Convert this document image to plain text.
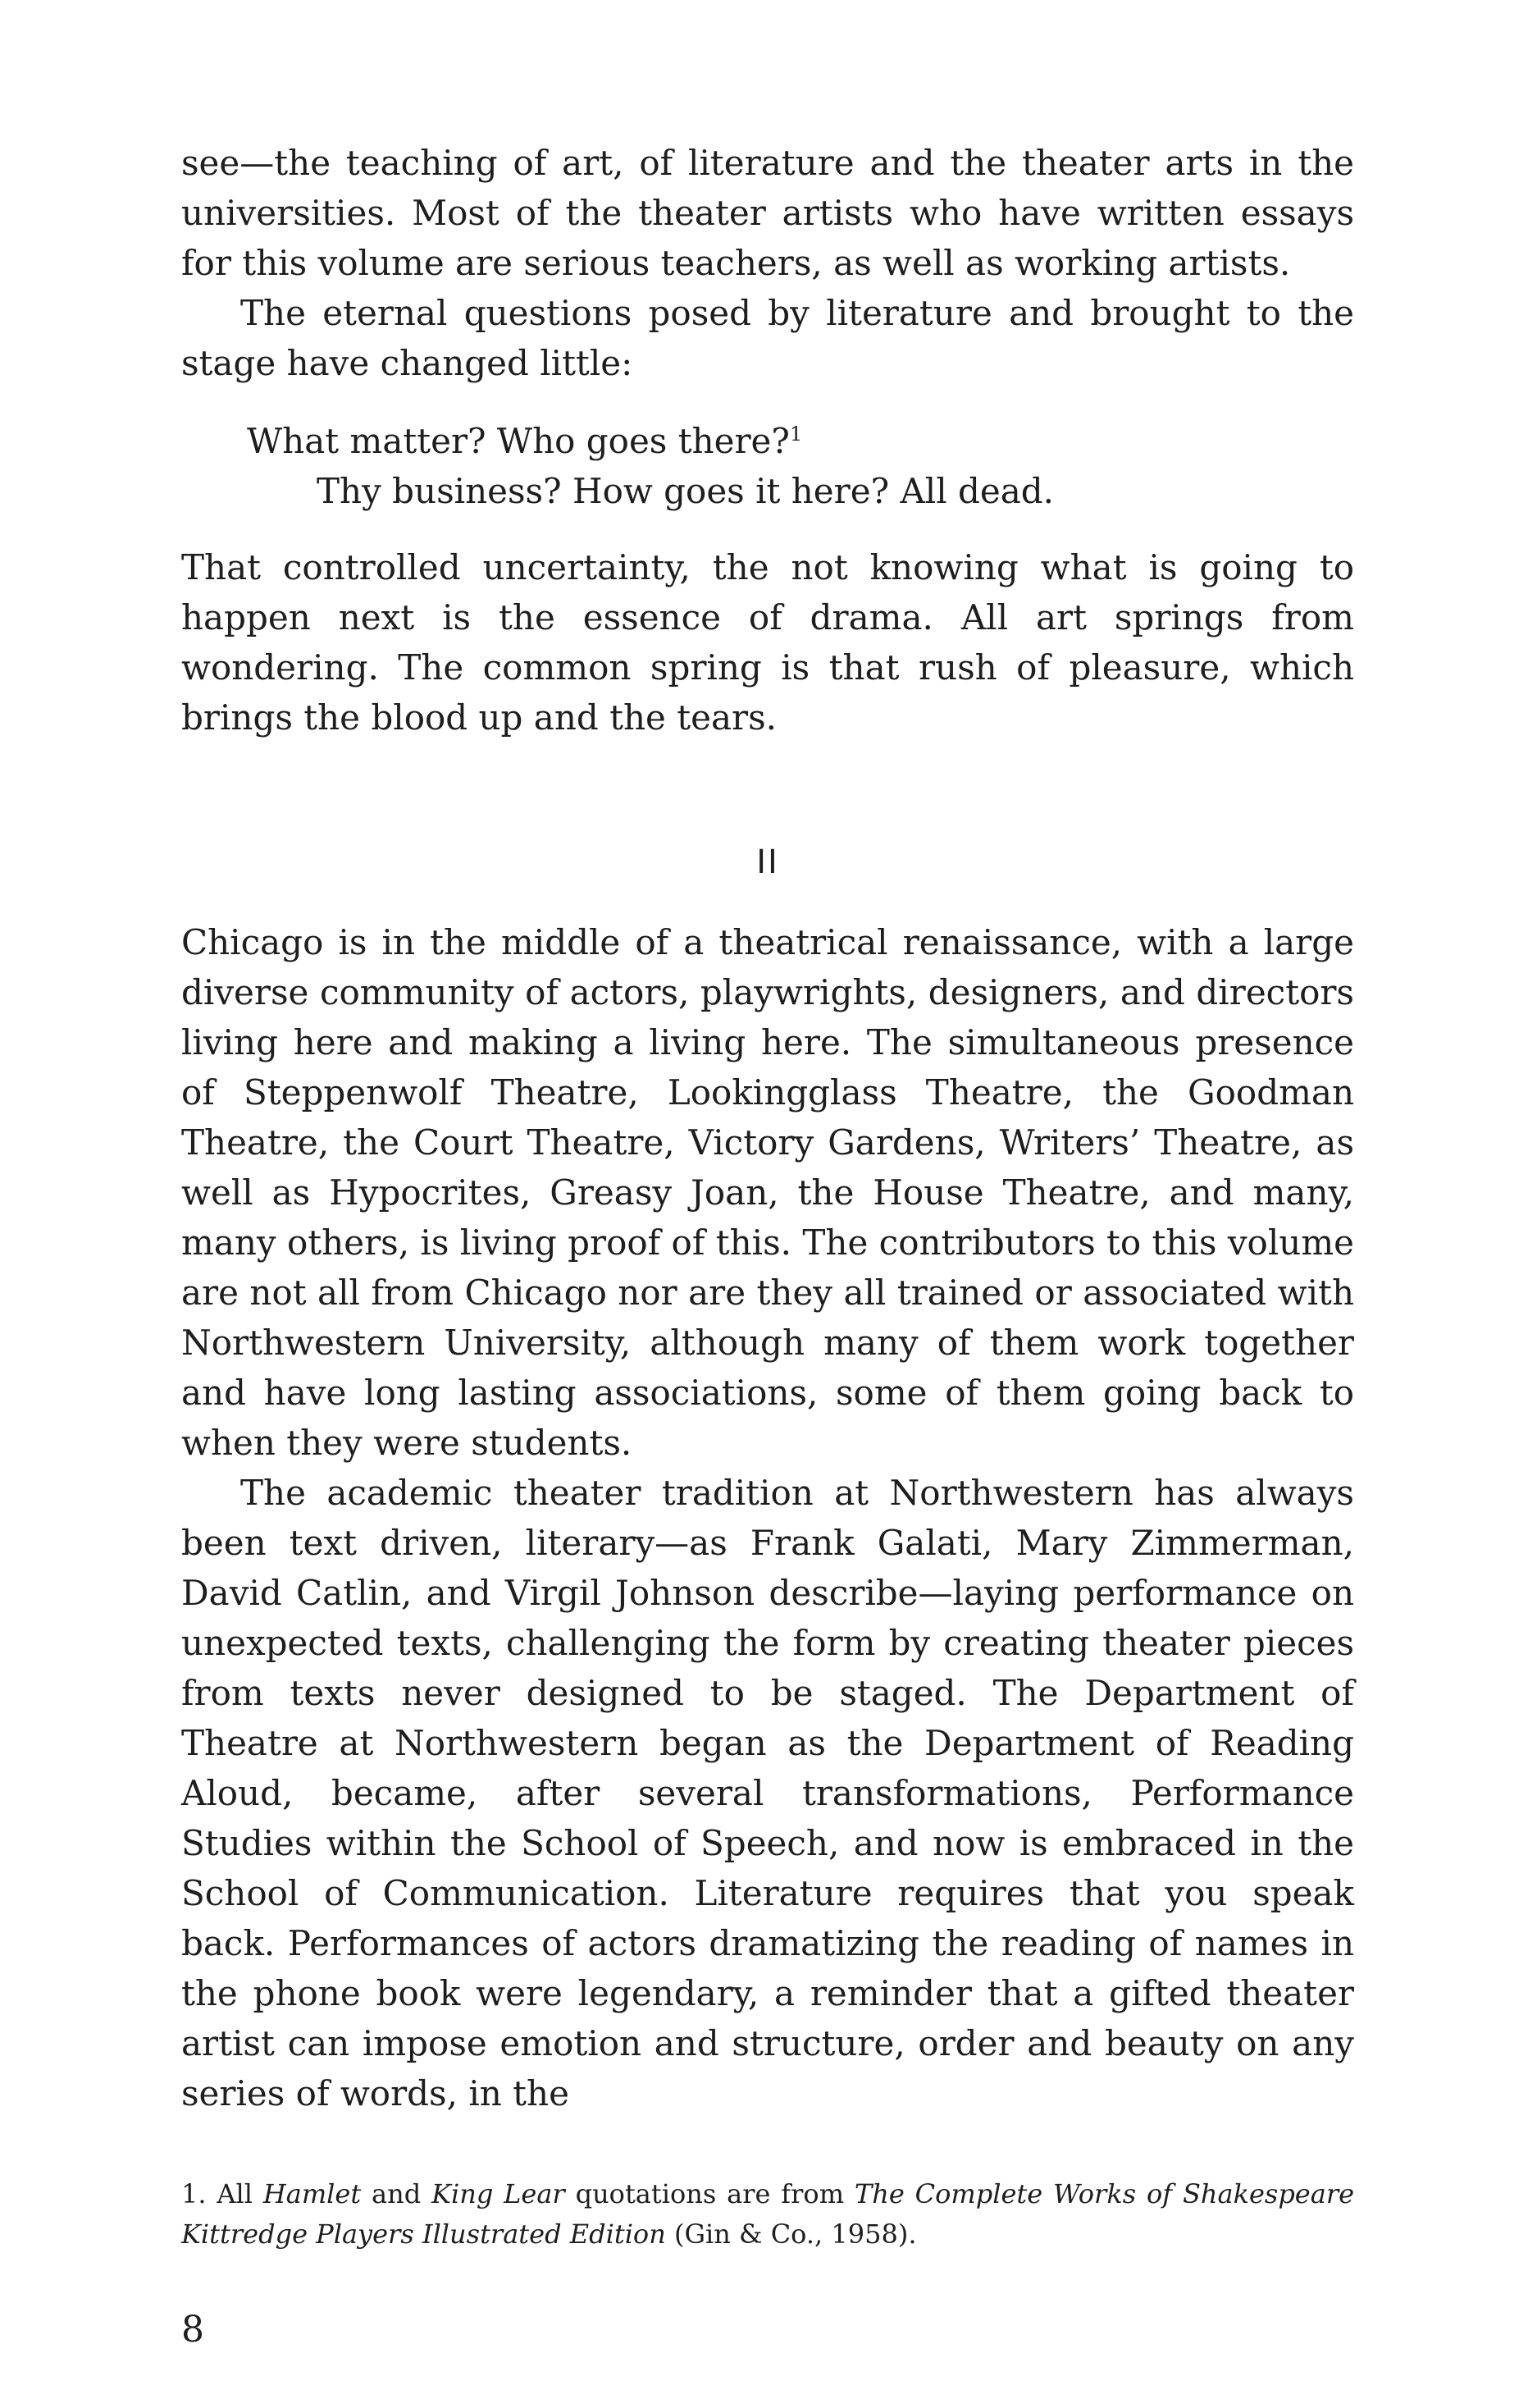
see—the teaching of art, of literature and the theater arts in the universities. Most of the theater artists who have written essays for this volume are serious teachers, as well as working artists.

The eternal questions posed by literature and brought to the stage have changed little:

What matter? Who goes there?$^1$
Thy business? How goes it here? All dead.

That controlled uncertainty, the not knowing what is going to happen next is the essence of drama. All art springs from wondering. The common spring is that rush of pleasure, which brings the blood up and the tears.

II

Chicago is in the middle of a theatrical renaissance, with a large diverse community of actors, playwrights, designers, and directors living here and making a living here. The simultaneous presence of Steppenwolf Theatre, Lookingglass Theatre, the Goodman Theatre, the Court Theatre, Victory Gardens, Writers’ Theatre, as well as Hypocrites, Greasy Joan, the House Theatre, and many, many others, is living proof of this. The contributors to this volume are not all from Chicago nor are they all trained or associated with Northwestern University, although many of them work together and have long lasting associations, some of them going back to when they were students.

The academic theater tradition at Northwestern has always been text driven, literary—as Frank Galati, Mary Zimmerman, David Catlin, and Virgil Johnson describe—laying performance on unexpected texts, challenging the form by creating theater pieces from texts never designed to be staged. The Department of Theatre at Northwestern began as the Department of Reading Aloud, became, after several transformations, Performance Studies within the School of Speech, and now is embraced in the School of Communication. Literature requires that you speak back. Performances of actors dramatizing the reading of names in the phone book were legendary, a reminder that a gifted theater artist can impose emotion and structure, order and beauty on any series of words, in the

1. All Hamlet and King Lear quotations are from The Complete Works of Shakespeare Kittredge Players Illustrated Edition (Gin & Co., 1958).

8
